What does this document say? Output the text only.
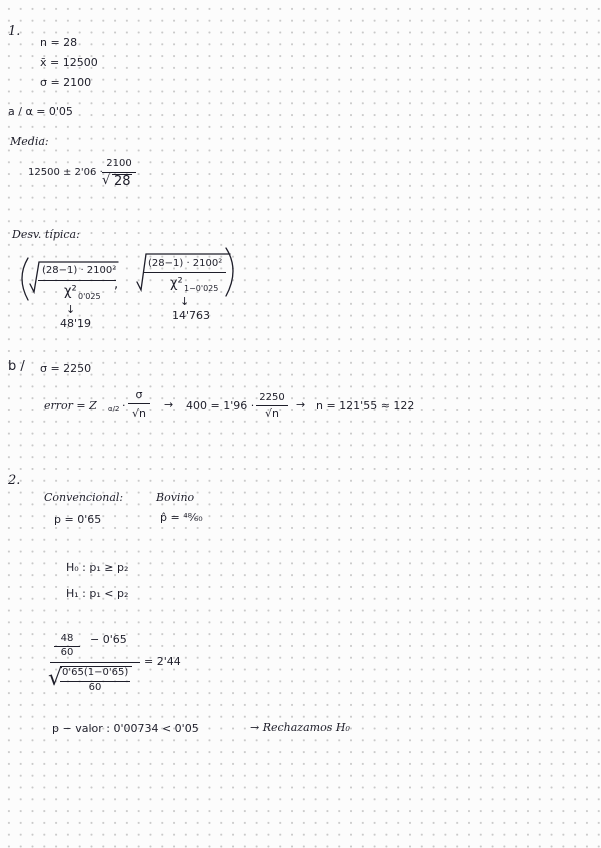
1.
n = 28
x̄ = 12500
σ = 2100
a / α = 0'05
Media:
12500 ± 2'06 ·
2100
√ 28
Desv. típica:
(28−1) · 2100²
χ² 0'025
,
(28−1) · 2100²
χ² 1−0'025
↓
48'19
↓
14'763
b / σ = 2250
error = Z α/2 ·
σ
√n
→ 400 = 1'96 ·
2250
√n
→ n = 121'55 ≈ 122
2.
Convencional:	Bovino
p = 0'65	p̂ = ⁴⁸⁄₆₀
H₀ : p₁ ≥ p₂
H₁ : p₁ < p₂
48
60
− 0'65
√ 0'65(1−0'65)
60
= 2'44
p − valor : 0'00734 < 0'05	→ Rechazamos H₀
